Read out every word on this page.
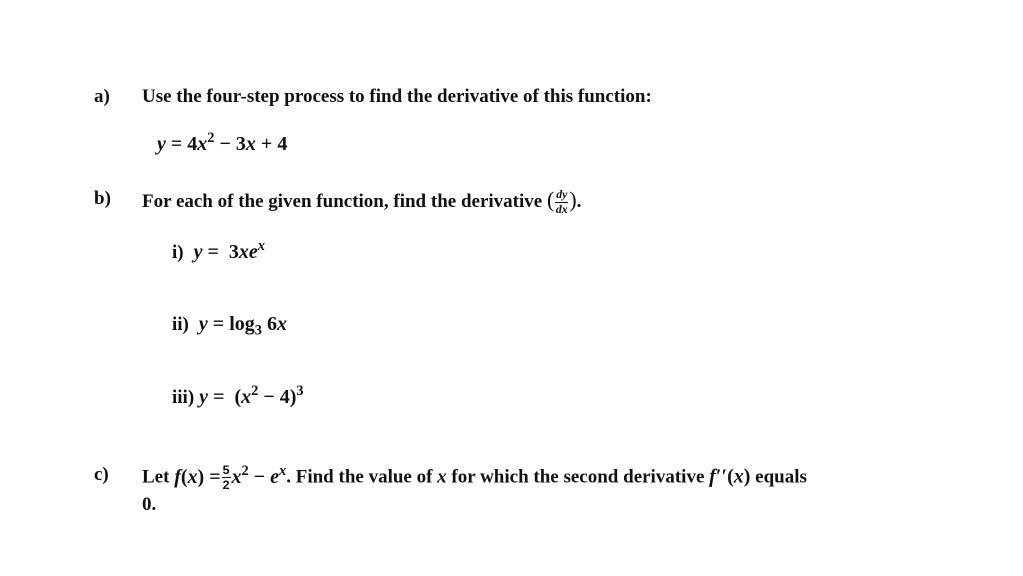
a) Use the four-step process to find the derivative of this function:
$y = 4x^2 - 3x + 4$
b) For each of the given function, find the derivative ( $\frac{dy}{dx}$ ).
i) $y = 3xe^x$
ii) $y = \log_3 6x$
iii) $y = (x^2 - 4)^3$
c) Let $f(x) = \frac{5}{2} x^2 - e^x$. Find the value of x for which the second derivative f′′(x) equals
0.
